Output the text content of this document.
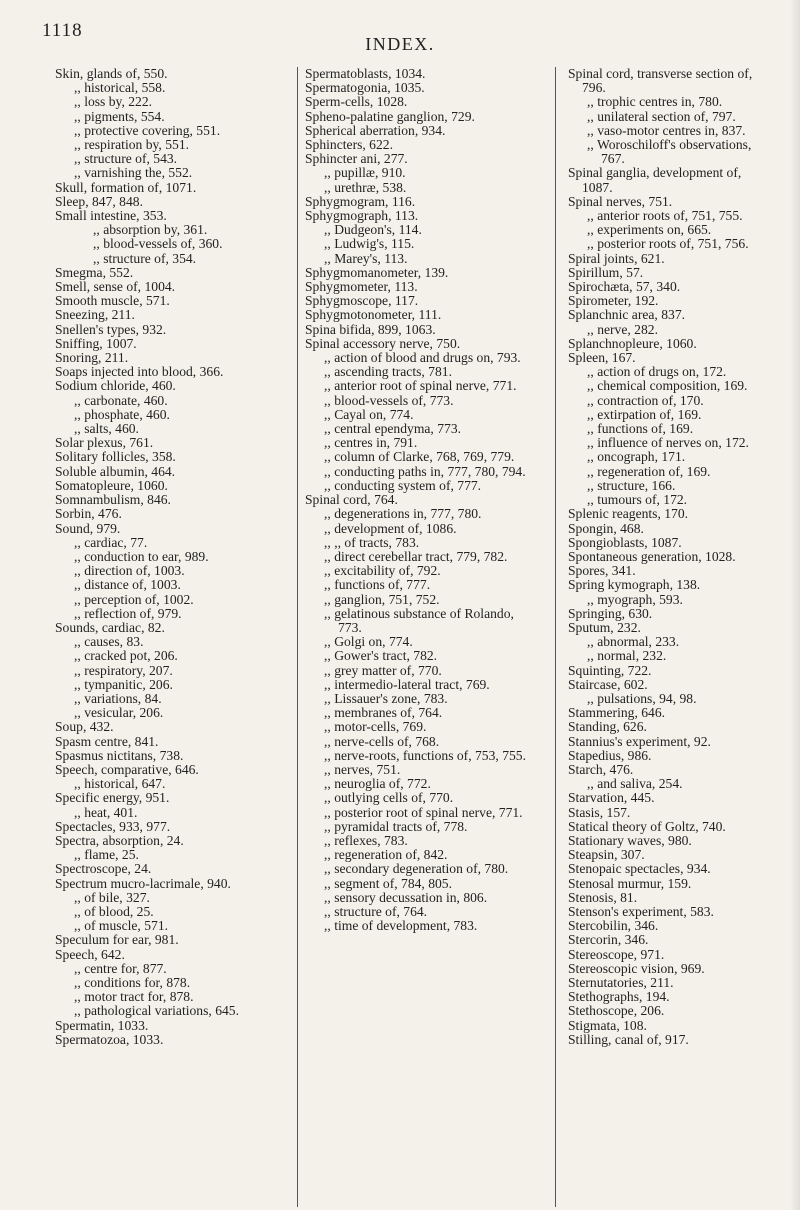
1118
INDEX.
Skin, glands of, 550.
,, historical, 558.
,, loss by, 222.
,, pigments, 554.
,, protective covering, 551.
,, respiration by, 551.
,, structure of, 543.
,, varnishing the, 552.
Skull, formation of, 1071.
Sleep, 847, 848.
Small intestine, 353.
,, absorption by, 361.
,, blood-vessels of, 360.
,, structure of, 354.
Smegma, 552.
Smell, sense of, 1004.
Smooth muscle, 571.
Sneezing, 211.
Snellen's types, 932.
Sniffing, 1007.
Snoring, 211.
Soaps injected into blood, 366.
Sodium chloride, 460.
,, carbonate, 460.
,, phosphate, 460.
,, salts, 460.
Solar plexus, 761.
Solitary follicles, 358.
Soluble albumin, 464.
Somatopleure, 1060.
Somnambulism, 846.
Sorbin, 476.
Sound, 979.
,, cardiac, 77.
,, conduction to ear, 989.
,, direction of, 1003.
,, distance of, 1003.
,, perception of, 1002.
,, reflection of, 979.
Sounds, cardiac, 82.
,, causes, 83.
,, cracked pot, 206.
,, respiratory, 207.
,, tympanitic, 206.
,, variations, 84.
,, vesicular, 206.
Soup, 432.
Spasm centre, 841.
Spasmus nictitans, 738.
Speech, comparative, 646.
,, historical, 647.
Specific energy, 951.
,, heat, 401.
Spectacles, 933, 977.
Spectra, absorption, 24.
,, flame, 25.
Spectroscope, 24.
Spectrum mucro-lacrimale, 940.
,, of bile, 327.
,, of blood, 25.
,, of muscle, 571.
Speculum for ear, 981.
Speech, 642.
,, centre for, 877.
,, conditions for, 878.
,, motor tract for, 878.
,, pathological variations, 645.
Spermatin, 1033.
Spermatozoa, 1033.
Spermatoblasts, 1034.
Spermatogonia, 1035.
Sperm-cells, 1028.
Spheno-palatine ganglion, 729.
Spherical aberration, 934.
Sphincters, 622.
Sphincter ani, 277.
,, pupillæ, 910.
,, urethræ, 538.
Sphygmogram, 116.
Sphygmograph, 113.
,, Dudgeon's, 114.
,, Ludwig's, 115.
,, Marey's, 113.
Sphygmomanometer, 139.
Sphygmometer, 113.
Sphygmoscope, 117.
Sphygmotonometer, 111.
Spina bifida, 899, 1063.
Spinal accessory nerve, 750.
,, action of blood and drugs on, 793.
,, ascending tracts, 781.
,, anterior root of spinal nerve, 771.
,, blood-vessels of, 773.
,, Cayal on, 774.
,, central ependyma, 773.
,, centres in, 791.
,, column of Clarke, 768, 769, 779.
,, conducting paths in, 777, 780, 794.
,, conducting system of, 777.
Spinal cord, 764.
,, degenerations in, 777, 780.
,, development of, 1086.
,, ,, of tracts, 783.
,, direct cerebellar tract, 779, 782.
,, excitability of, 792.
,, functions of, 777.
,, ganglion, 751, 752.
,, gelatinous substance of Rolando, 773.
,, Golgi on, 774.
,, Gower's tract, 782.
,, grey matter of, 770.
,, intermedio-lateral tract, 769.
,, Lissauer's zone, 783.
,, membranes of, 764.
,, motor-cells, 769.
,, nerve-cells of, 768.
,, nerve-roots, functions of, 753, 755.
,, nerves, 751.
,, neuroglia of, 772.
,, outlying cells of, 770.
,, posterior root of spinal nerve, 771.
,, pyramidal tracts of, 778.
,, reflexes, 783.
,, regeneration of, 842.
,, secondary degeneration of, 780.
,, segment of, 784, 805.
,, sensory decussation in, 806.
,, structure of, 764.
,, time of development, 783.
Spinal cord, transverse section of, 796.
,, trophic centres in, 780.
,, unilateral section of, 797.
,, vaso-motor centres in, 837.
,, Woroschiloff's observations, 767.
Spinal ganglia, development of, 1087.
Spinal nerves, 751.
,, anterior roots of, 751, 755.
,, experiments on, 665.
,, posterior roots of, 751, 756.
Spiral joints, 621.
Spirillum, 57.
Spirochæta, 57, 340.
Spirometer, 192.
Splanchnic area, 837.
,, nerve, 282.
Splanchnopleure, 1060.
Spleen, 167.
,, action of drugs on, 172.
,, chemical composition, 169.
,, contraction of, 170.
,, extirpation of, 169.
,, functions of, 169.
,, influence of nerves on, 172.
,, oncograph, 171.
,, regeneration of, 169.
,, structure, 166.
,, tumours of, 172.
Splenic reagents, 170.
Spongin, 468.
Spongioblasts, 1087.
Spontaneous generation, 1028.
Spores, 341.
Spring kymograph, 138.
,, myograph, 593.
Springing, 630.
Sputum, 232.
,, abnormal, 233.
,, normal, 232.
Squinting, 722.
Staircase, 602.
,, pulsations, 94, 98.
Stammering, 646.
Standing, 626.
Stannius's experiment, 92.
Stapedius, 986.
Starch, 476.
,, and saliva, 254.
Starvation, 445.
Stasis, 157.
Statical theory of Goltz, 740.
Stationary waves, 980.
Steapsin, 307.
Stenopaic spectacles, 934.
Stenosal murmur, 159.
Stenosis, 81.
Stenson's experiment, 583.
Stercobilin, 346.
Stercorin, 346.
Stereoscope, 971.
Stereoscopic vision, 969.
Sternutatories, 211.
Stethographs, 194.
Stethoscope, 206.
Stigmata, 108.
Stilling, canal of, 917.
